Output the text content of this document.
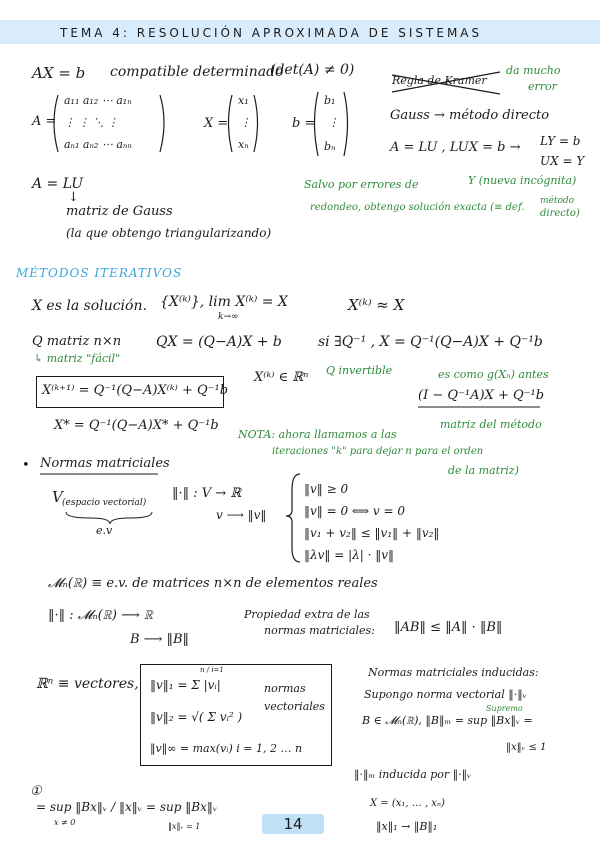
TEMA 4: RESOLUCIÓN APROXIMADA DE SISTEMAS
AX = b compatible determinado
(det(A) ≠ 0)
A =
a₁₁ a₁₂ ⋯ a₁ₙ
⋮ ⋮ ⋱ ⋮
aₙ₁ aₙ₂ ⋯ aₙₙ
X =
x₁
⋮
xₙ
b =
b₁
⋮
bₙ
A = LU
↓
matriz de Gauss
(la que obtengo triangularizando)
Regla de Kramer
da mucho
error
Gauss → método directo
A = LU , LUX = b → LY = b
UX = Y
Y (nueva incógnita)
Salvo por errores de
redondeo, obtengo solución exacta (≡ def.
método
directo)
MÉTODOS ITERATIVOS
X es la solución. {X⁽ᵏ⁾}, lim X⁽ᵏ⁾ = X
k→∞
X⁽ᵏ⁾ ≈ X
Q matriz n×n
↳ matriz "fácil"
QX = (Q−A)X + b	si ∃Q⁻¹ , X = Q⁻¹(Q−A)X + Q⁻¹b
Q invertible
X⁽ᵏ⁺¹⁾ = Q⁻¹(Q−A)X⁽ᵏ⁾ + Q⁻¹b
X⁽ᵏ⁾ ∈ ℝⁿ	es como g(Xₙ) antes
(I − Q⁻¹A)X + Q⁻¹b
matriz del método
X* = Q⁻¹(Q−A)X* + Q⁻¹b
NOTA: ahora llamamos a las
iteraciones "k" para dejar n para el orden
de la matriz)
• Normas matriciales
V (espacio vectorial)
e.v
‖·‖ : V → ℝ
v ⟶ ‖v‖
‖v‖ ≥ 0
‖v‖ = 0 ⟺ v = 0
‖v₁ + v₂‖ ≤ ‖v₁‖ + ‖v₂‖
‖λv‖ = |λ| · ‖v‖
𝓜ₙ(ℝ) ≡ e.v. de matrices n×n de elementos reales
‖·‖ : 𝓜ₙ(ℝ) ⟶ ℝ
B ⟶ ‖B‖
Propiedad extra de las
normas matriciales: ‖AB‖ ≤ ‖A‖ · ‖B‖
ℝⁿ ≡ vectores, ‖v‖₁ = Σ |vᵢ|
n / i=1
‖v‖₂ = √( Σ vᵢ² )
‖v‖∞ = max(vᵢ) i = 1, 2 … n
normas
vectoriales
Normas matriciales inducidas:
Supongo norma vectorial ‖·‖ᵥ
Supremo
B ∈ 𝓜ₙ(ℝ), ‖B‖ₘ = sup ‖Bx‖ᵥ =
‖x‖ᵥ ≤ 1
‖·‖ₘ inducida por ‖·‖ᵥ
①
= sup ‖Bx‖ᵥ / ‖x‖ᵥ = sup ‖Bx‖ᵥ
x ≠ 0	‖x‖ᵥ = 1
X = (x₁, … , xₙ)
‖x‖₁ → ‖B‖₁
14
